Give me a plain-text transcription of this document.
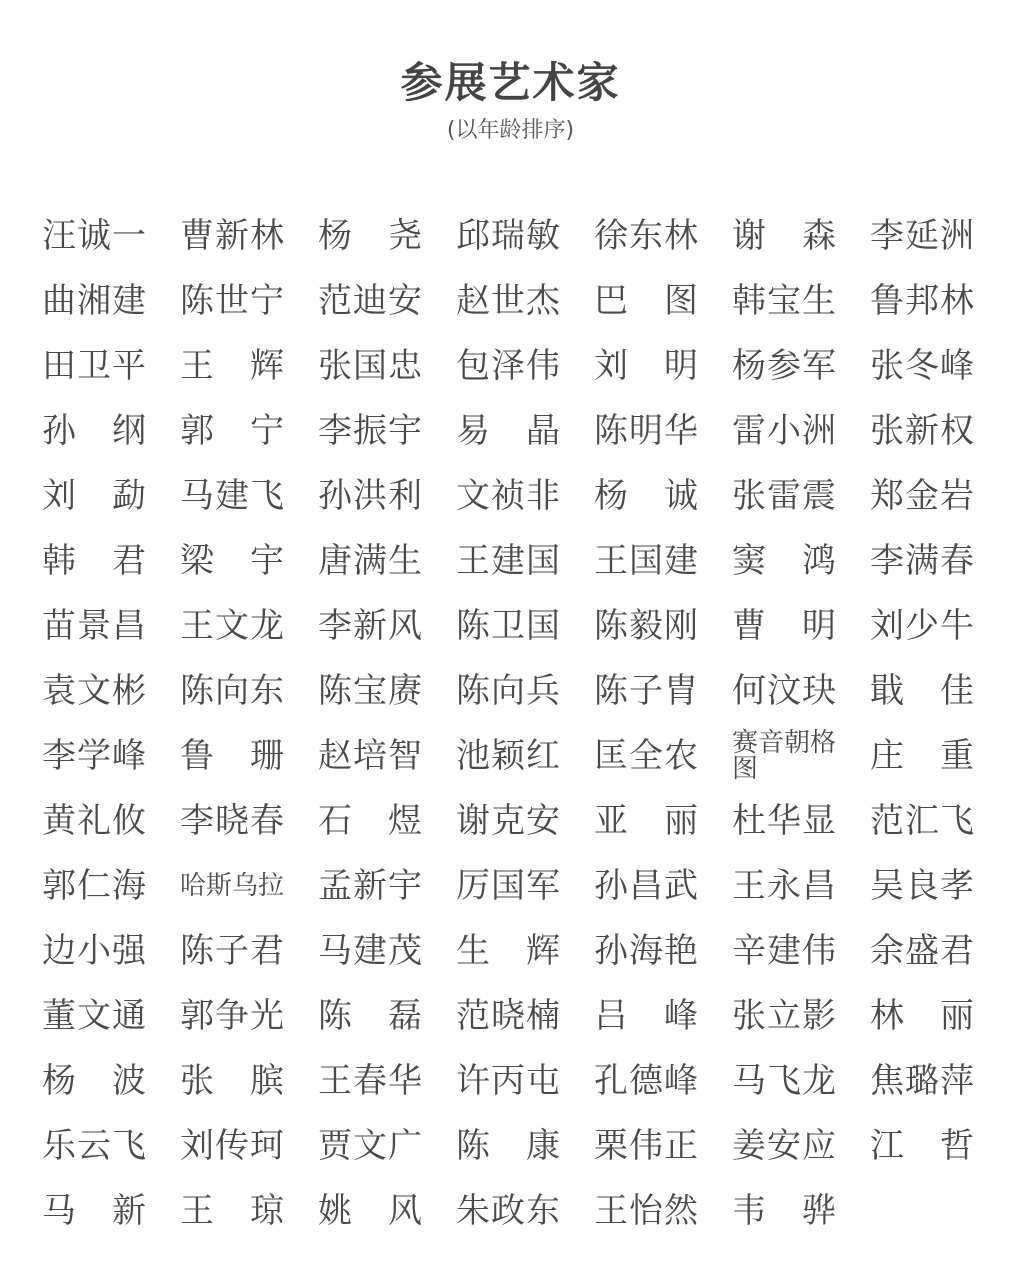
参展艺术家
(以年龄排序)
汪 诚 一 曹 新 林 杨 尧 邱 瑞 敏 徐 东 林 谢 森 李 延 洲
曲 湘 建 陈 世 宁 范 迪 安 赵 世 杰 巴 图 韩 宝 生 鲁 邦 林
田 卫 平 王 辉 张 国 忠 包 泽 伟 刘 明 杨 参 军 张 冬 峰
孙 纲 郭 宁 李 振 宇 易 晶 陈 明 华 雷 小 洲 张 新 权
刘 勐 马 建 飞 孙 洪 利 文 祯 非 杨 诚 张 雷 震 郑 金 岩
韩 君 梁 宇 唐 满 生 王 建 国 王 国 建 窦 鸿 李 满 春
苗 景 昌 王 文 龙 李 新 风 陈 卫 国 陈 毅 刚 曹 明 刘 少 牛
袁 文 彬 陈 向 东 陈 宝 赓 陈 向 兵 陈 子 胄 何 汶 玦 戢 佳
李 学 峰 鲁 珊 赵 培 智 池 颖 红 匡 全 农 赛音朝格图	庄 重
黄 礼 攸 李 晓 春 石 煜 谢 克 安 亚 丽 杜 华 显 范 汇 飞
郭 仁 海 哈斯乌拉 孟 新 宇 厉 国 军 孙 昌 武 王 永 昌 吴 良 孝
边 小 强 陈 子 君 马 建 茂 生 辉 孙 海 艳 辛 建 伟 余 盛 君
董 文 通 郭 争 光 陈 磊 范 晓 楠 吕 峰 张 立 影 林 丽
杨 波 张 膑 王 春 华 许 丙 屯 孔 德 峰 马 飞 龙 焦 璐 萍
乐 云 飞 刘 传 珂 贾 文 广 陈 康 栗 伟 正 姜 安 应 江 哲
马 新 王 琼 姚 风 朱 政 东 王 怡 然 韦 骅
